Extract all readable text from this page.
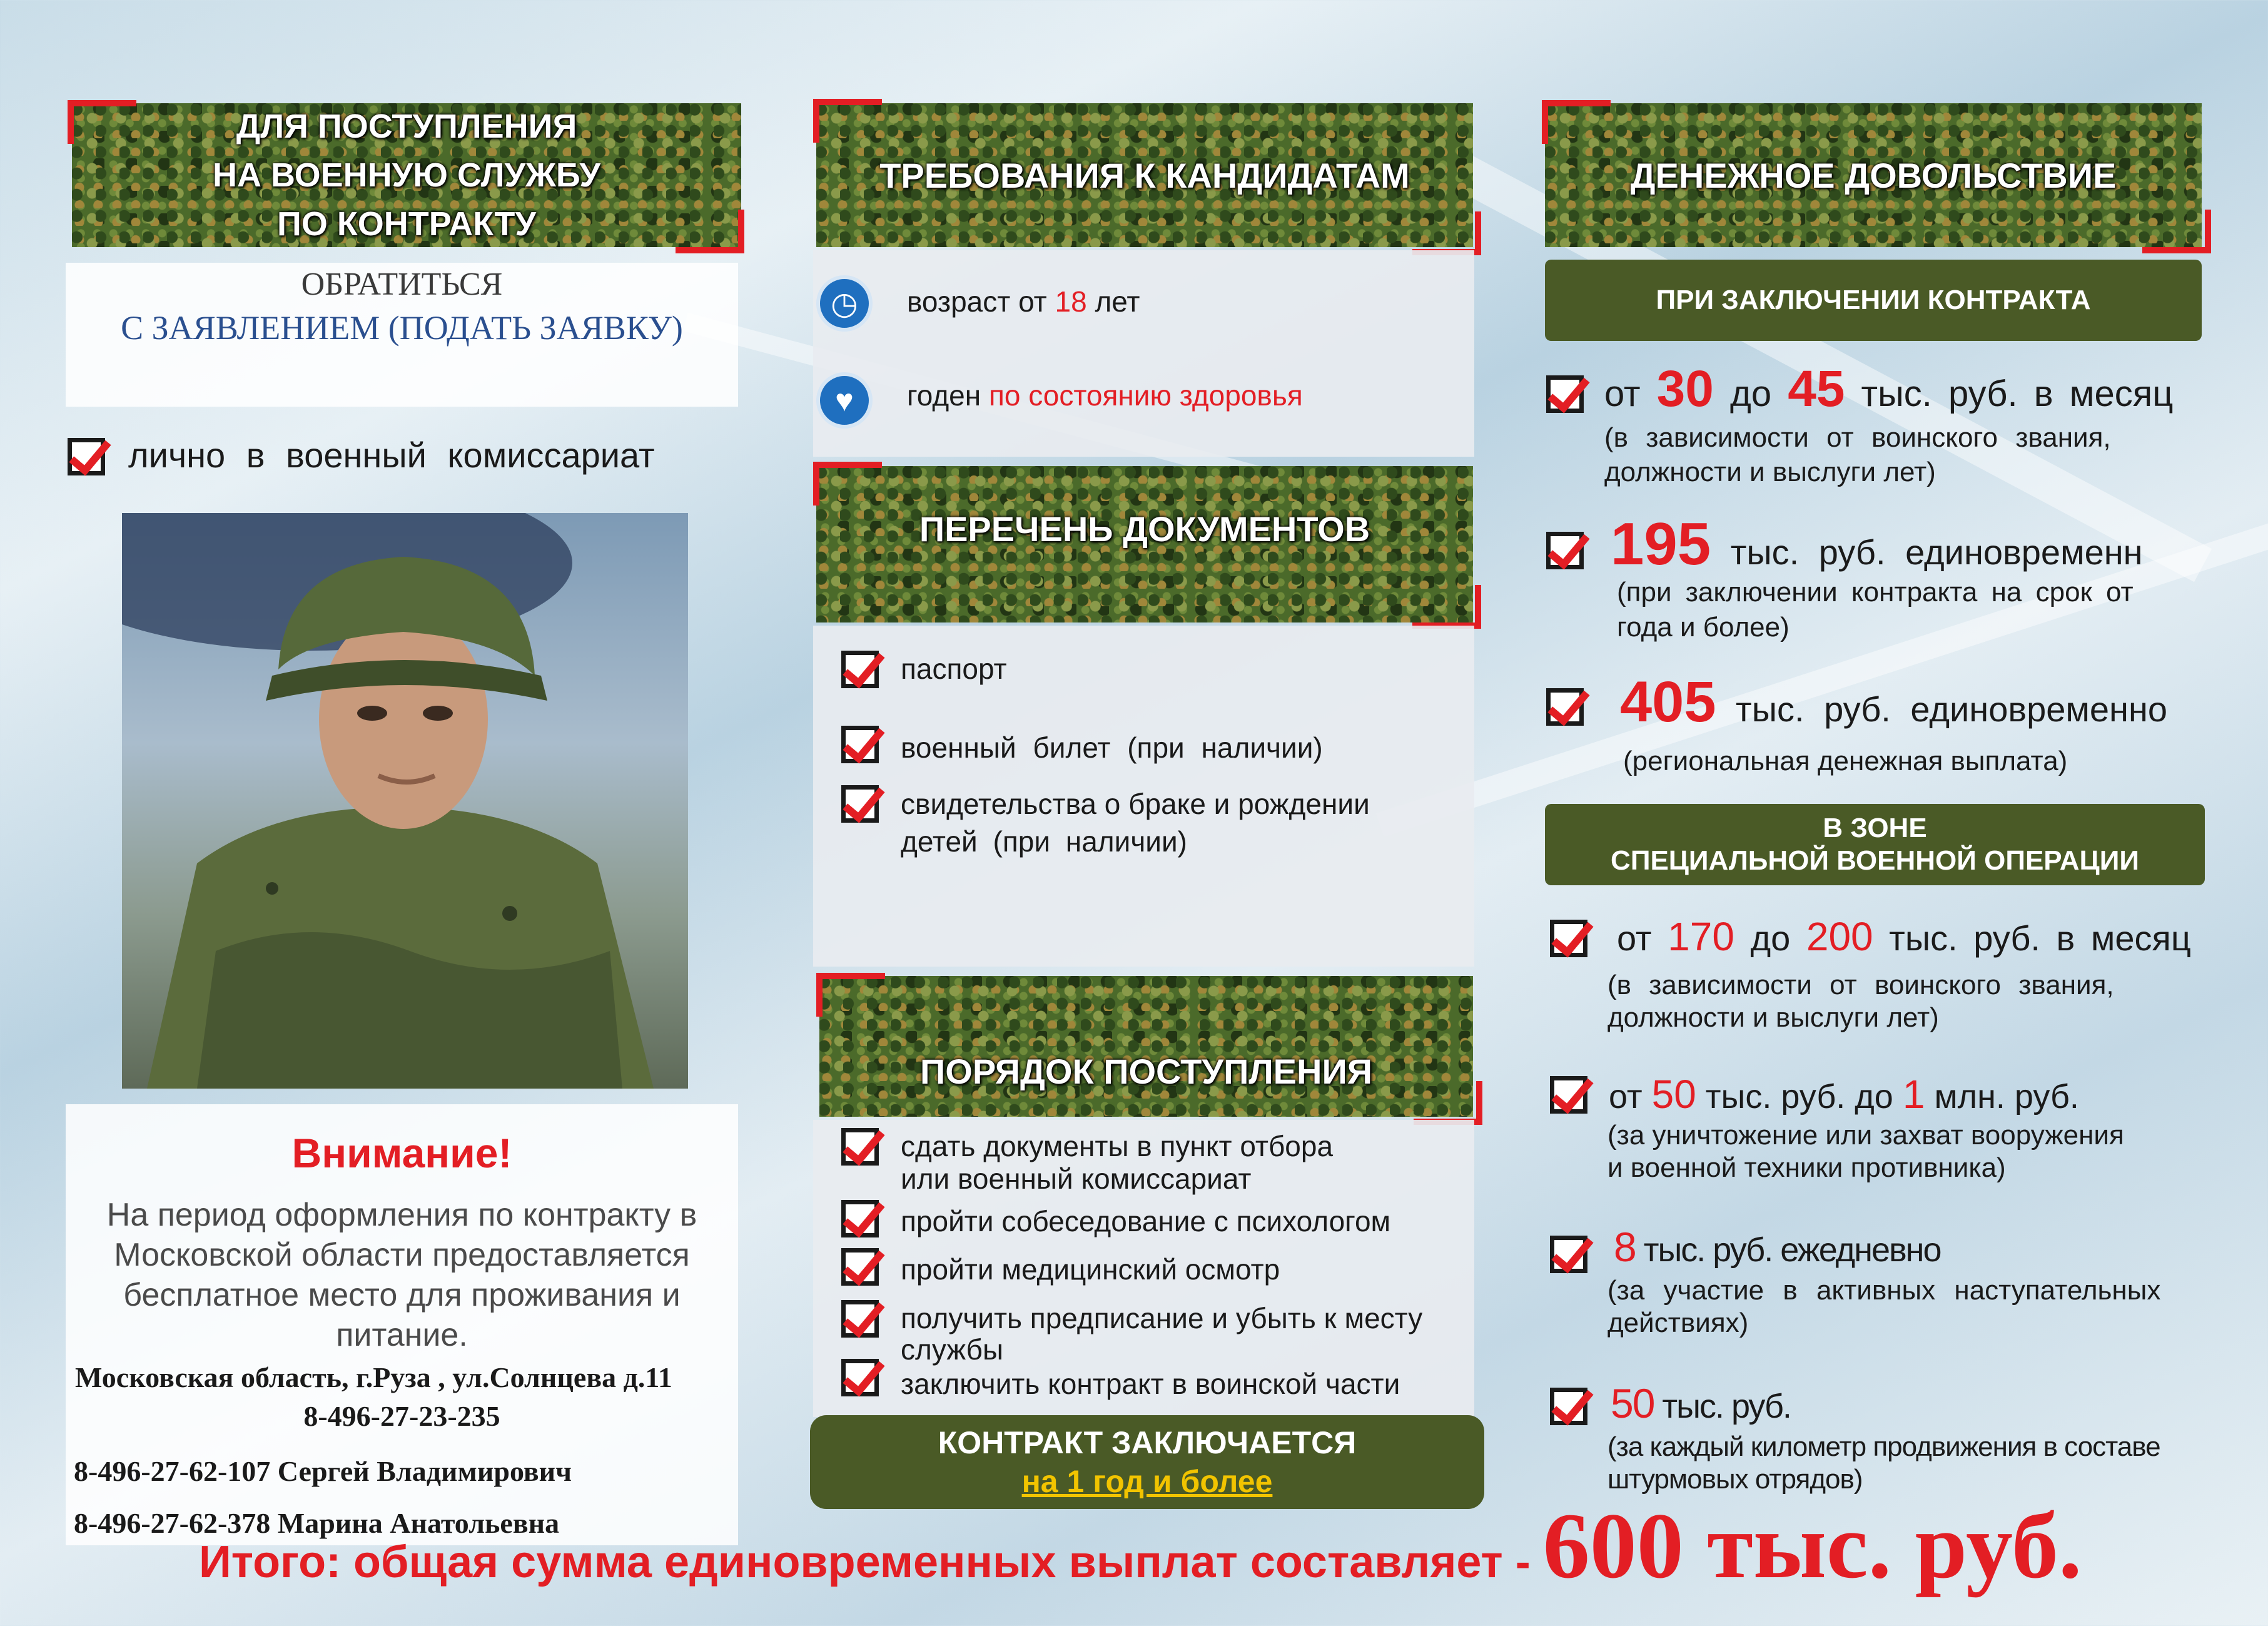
ДЛЯ ПОСТУПЛЕНИЯ
НА ВОЕННУЮ СЛУЖБУ
ПО КОНТРАКТУ
ОБРАТИТЬСЯ
С ЗАЯВЛЕНИЕМ (ПОДАТЬ ЗАЯВКУ)
лично в военный комиссариат
Внимание!
На период оформления по контракту в
Московской области предоставляется
бесплатное место для проживания и
питание.
Московская область, г.Руза , ул.Солнцева д.11
8-496-27-23-235
8-496-27-62-107 Сергей Владимирович
8-496-27-62-378 Марина Анатольевна
ТРЕБОВАНИЯ К КАНДИДАТАМ
◷	возраст от 18 лет
♥	годен по состоянию здоровья
ПЕРЕЧЕНЬ ДОКУМЕНТОВ
паспорт
военный билет (при наличии)
свидетельства о браке и рождении
детей (при наличии)
ПОРЯДОК ПОСТУПЛЕНИЯ
сдать документы в пункт отбора
или военный комиссариат
пройти собеседование с психологом
пройти медицинский осмотр
получить предписание и убыть к месту
службы
заключить контракт в воинской части
КОНТРАКТ ЗАКЛЮЧАЕТСЯ
на 1 год и более
ДЕНЕЖНОЕ ДОВОЛЬСТВИЕ
ПРИ ЗАКЛЮЧЕНИИ КОНТРАКТА
от 30 до 45 тыс. руб. в месяц
(в зависимости от воинского звания,
должности и выслуги лет)
195 тыс. руб. единовременн
(при заключении контракта на срок от
года и более)
405 тыс. руб. единовременно
(региональная денежная выплата)
В ЗОНЕ
СПЕЦИАЛЬНОЙ ВОЕННОЙ ОПЕРАЦИИ
от 170 до 200 тыс. руб. в месяц
(в зависимости от воинского звания,
должности и выслуги лет)
от 50 тыс. руб. до 1 млн. руб.
(за уничтожение или захват вооружения
и военной техники противника)
8 тыс. руб. ежедневно
(за участие в активных наступательных
действиях)
50 тыс. руб.
(за каждый километр продвижения в составе
штурмовых отрядов)
Итого: общая сумма единовременных выплат составляет - 600 тыс. руб.
